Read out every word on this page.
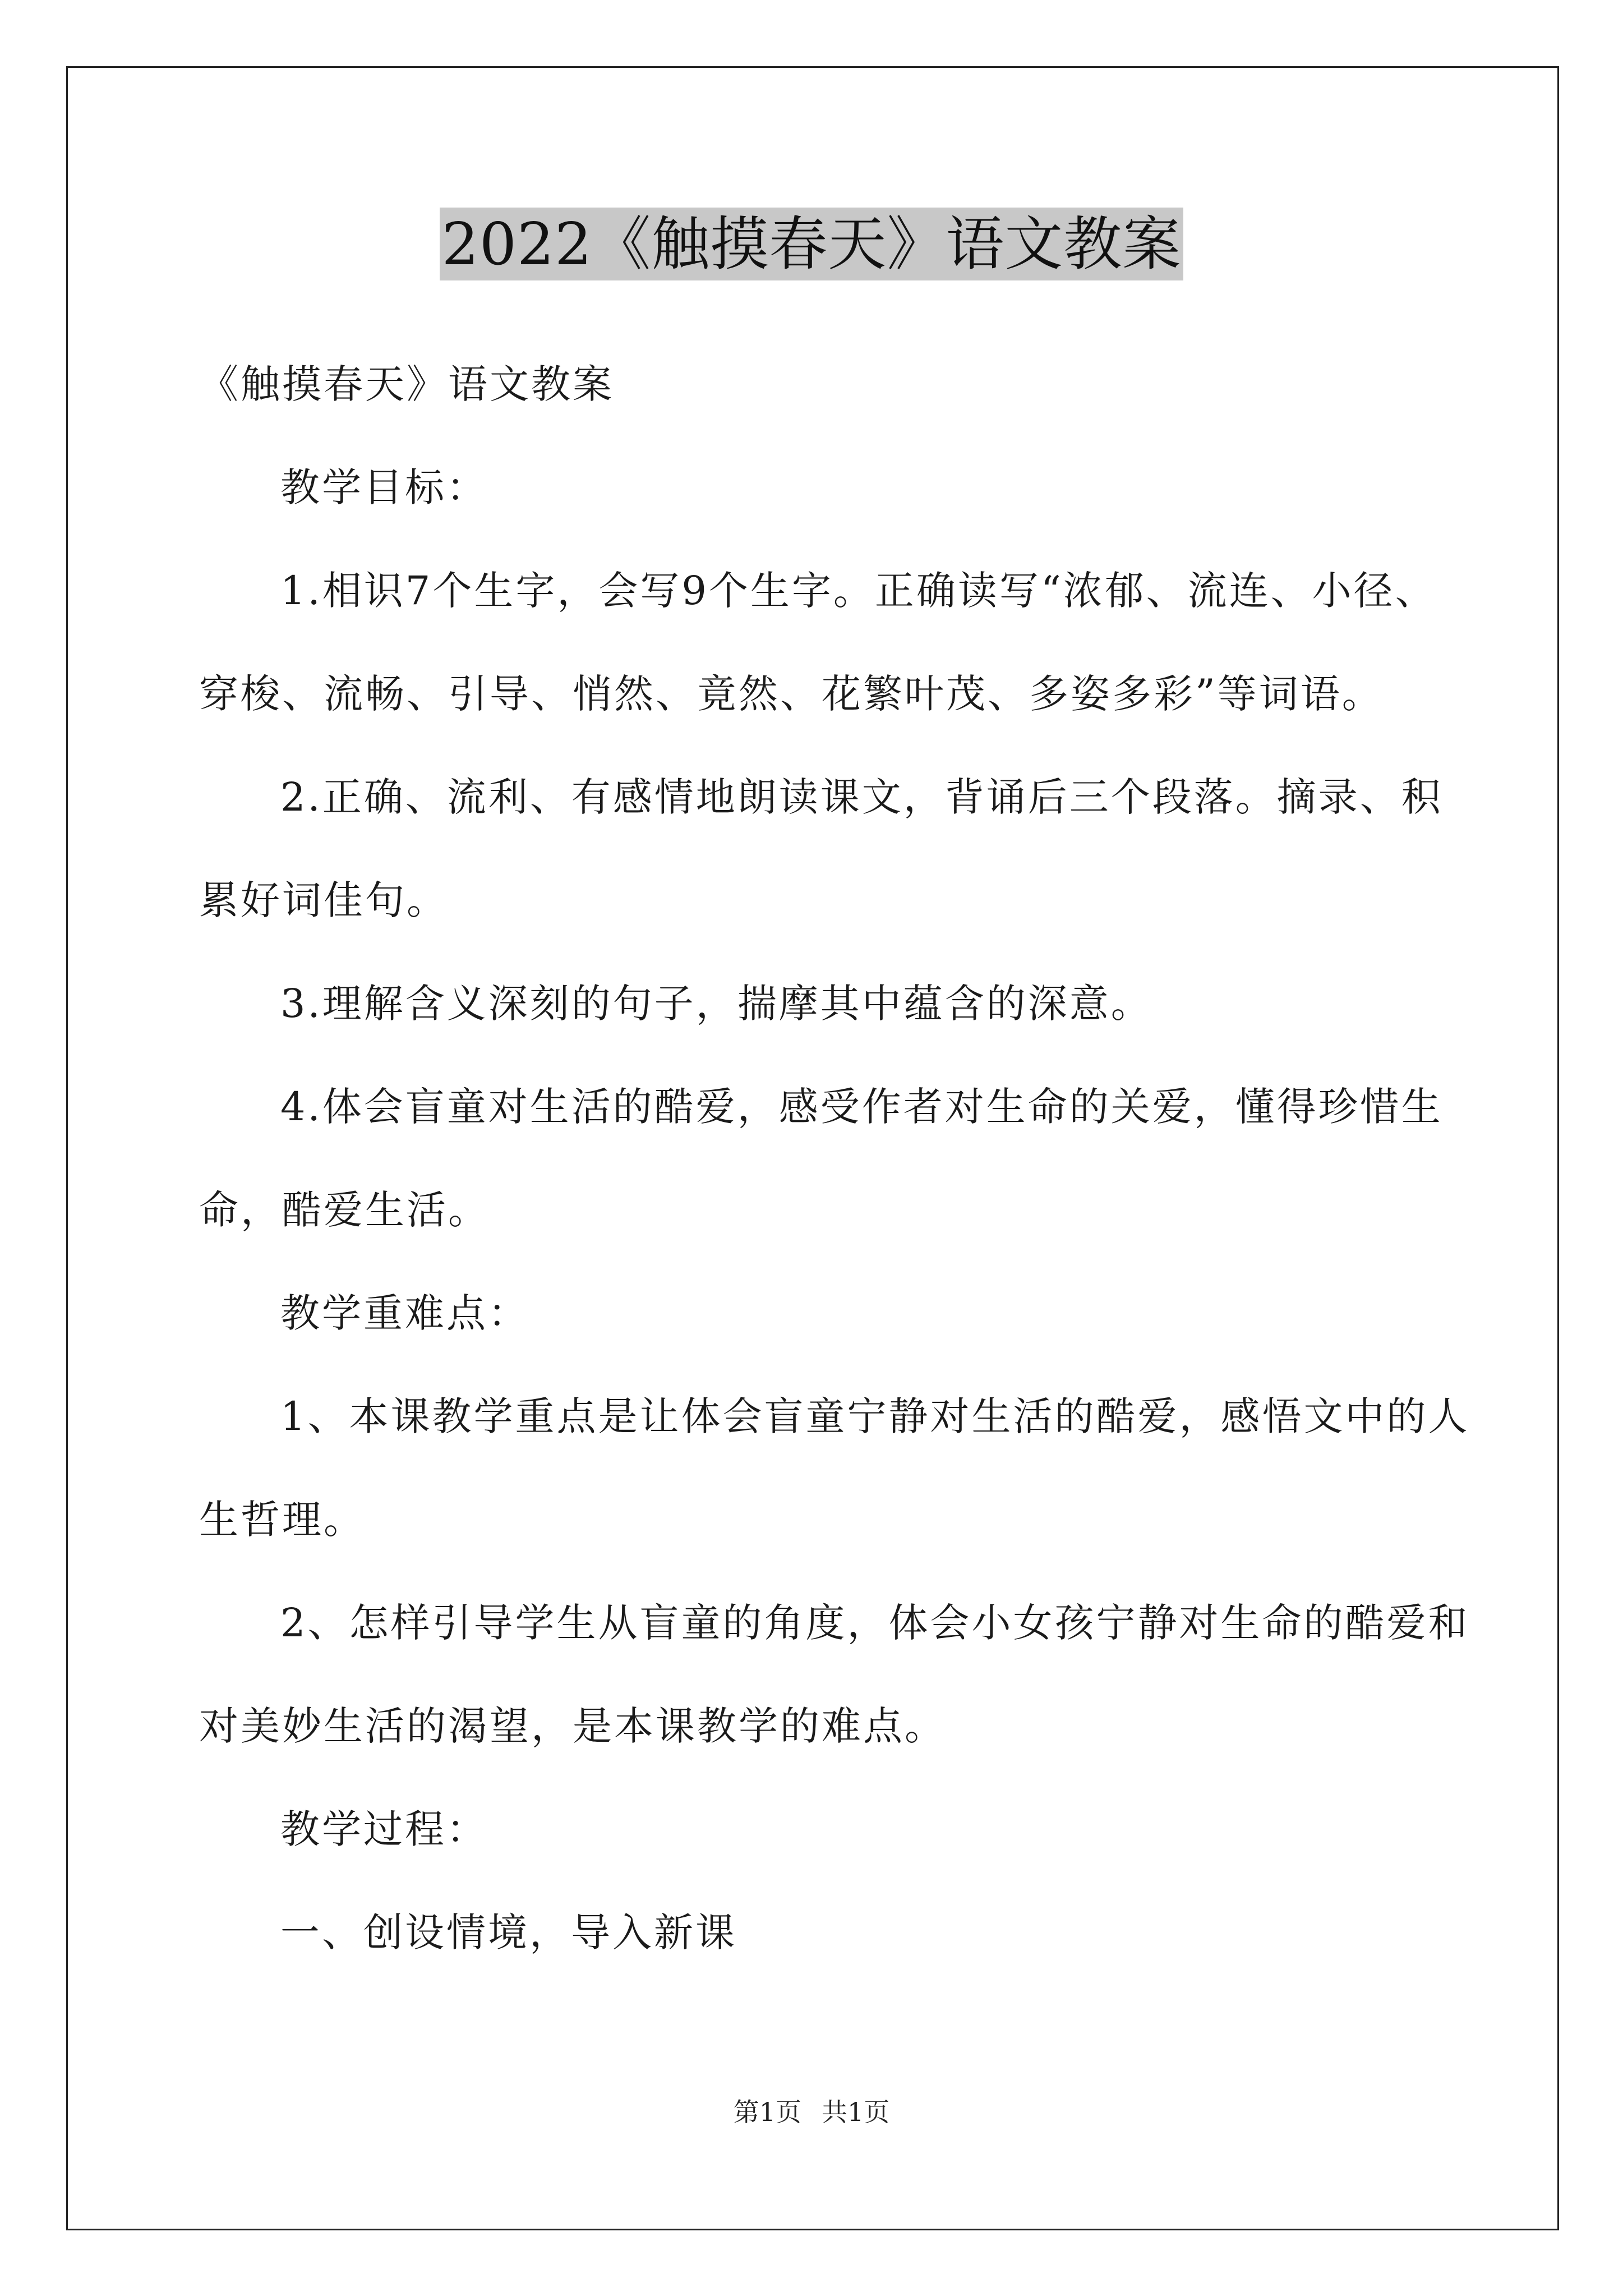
2022《触摸春天》语文教案
《触摸春天》语文教案
教学目标：
1.相识7个生字，会写9个生字。正确读写“浓郁、流连、小径、
穿梭、流畅、引导、悄然、竟然、花繁叶茂、多姿多彩”等词语。
2.正确、流利、有感情地朗读课文，背诵后三个段落。摘录、积
累好词佳句。
3.理解含义深刻的句子，揣摩其中蕴含的深意。
4.体会盲童对生活的酷爱，感受作者对生命的关爱，懂得珍惜生
命，酷爱生活。
教学重难点：
1、本课教学重点是让体会盲童宁静对生活的酷爱，感悟文中的人
生哲理。
2、怎样引导学生从盲童的角度，体会小女孩宁静对生命的酷爱和
对美妙生活的渴望，是本课教学的难点。
教学过程：
一、创设情境，导入新课
第1页 共1页
